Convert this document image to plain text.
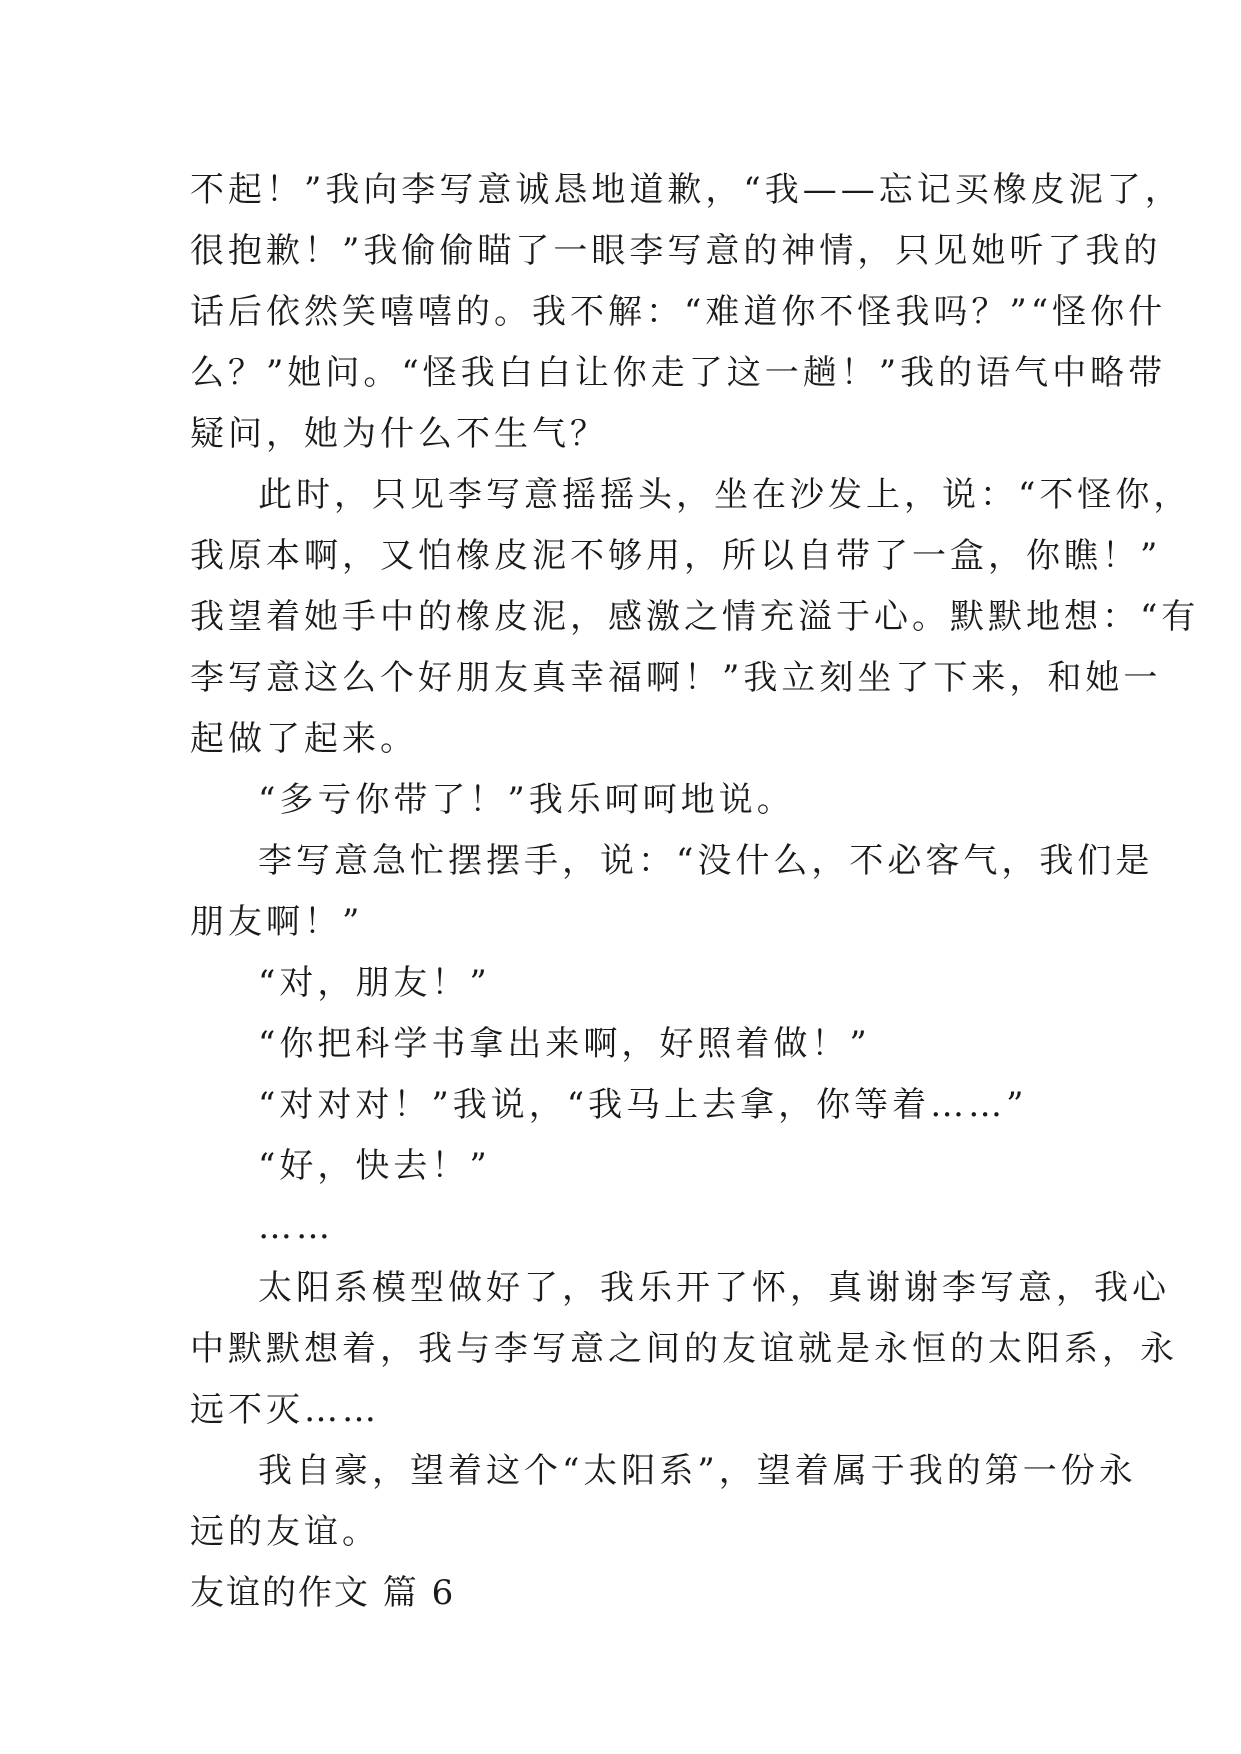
不起！”我向李写意诚恳地道歉，“我——忘记买橡皮泥了，
很抱歉！”我偷偷瞄了一眼李写意的神情，只见她听了我的
话后依然笑嘻嘻的。我不解：“难道你不怪我吗？”“怪你什
么？”她问。“怪我白白让你走了这一趟！”我的语气中略带
疑问，她为什么不生气？
此时，只见李写意摇摇头，坐在沙发上，说：“不怪你，
我原本啊，又怕橡皮泥不够用，所以自带了一盒，你瞧！”
我望着她手中的橡皮泥，感激之情充溢于心。默默地想：“有
李写意这么个好朋友真幸福啊！”我立刻坐了下来，和她一
起做了起来。
“多亏你带了！”我乐呵呵地说。
李写意急忙摆摆手，说：“没什么，不必客气，我们是
朋友啊！”
“对，朋友！”
“你把科学书拿出来啊，好照着做！”
“对对对！”我说，“我马上去拿，你等着……”
“好，快去！”
……
太阳系模型做好了，我乐开了怀，真谢谢李写意，我心
中默默想着，我与李写意之间的友谊就是永恒的太阳系，永
远不灭……
我自豪，望着这个“太阳系”，望着属于我的第一份永
远的友谊。
友谊的作文 篇 6
